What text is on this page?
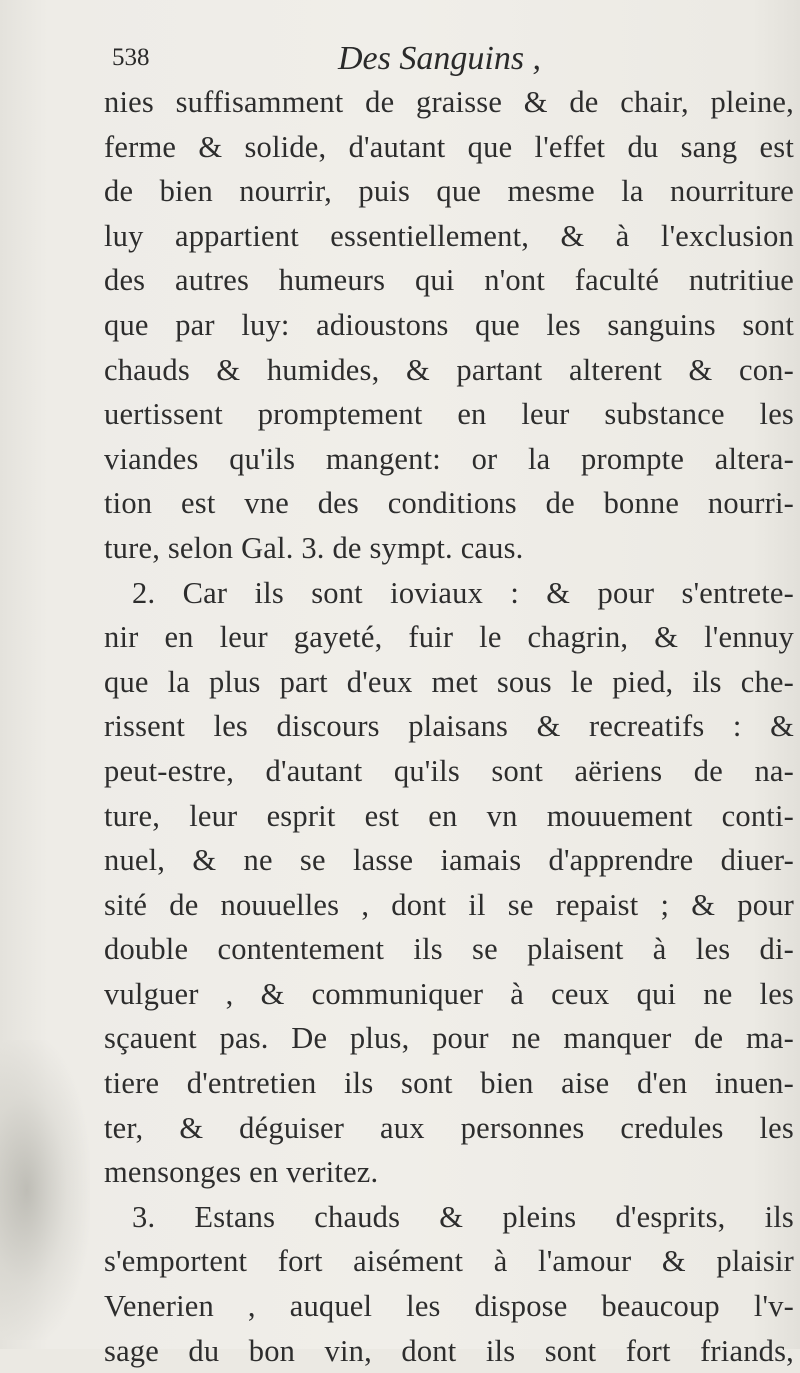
538	Des Sanguins ,
nies suffisamment de graisse & de chair, pleine,
ferme & solide, d'autant que l'effet du sang est
de bien nourrir, puis que mesme la nourriture
luy appartient essentiellement, & à l'exclusion
des autres humeurs qui n'ont faculté nutritiue
que par luy: adioustons que les sanguins sont
chauds & humides, & partant alterent & con-
uertissent promptement en leur substance les
viandes qu'ils mangent: or la prompte altera-
tion est vne des conditions de bonne nourri-
ture, selon Gal. 3. de sympt. caus.
2. Car ils sont ioviaux : & pour s'entrete-
nir en leur gayeté, fuir le chagrin, & l'ennuy
que la plus part d'eux met sous le pied, ils che-
rissent les discours plaisans & recreatifs : &
peut-estre, d'autant qu'ils sont aëriens de na-
ture, leur esprit est en vn mouuement conti-
nuel, & ne se lasse iamais d'apprendre diuer-
sité de nouuelles , dont il se repaist ; & pour
double contentement ils se plaisent à les di-
vulguer , & communiquer à ceux qui ne les
sçauent pas. De plus, pour ne manquer de ma-
tiere d'entretien ils sont bien aise d'en inuen-
ter, & déguiser aux personnes credules les
mensonges en veritez.
3. Estans chauds & pleins d'esprits, ils
s'emportent fort aisément à l'amour & plaisir
Venerien , auquel les dispose beaucoup l'v-
sage du bon vin, dont ils sont fort friands,
